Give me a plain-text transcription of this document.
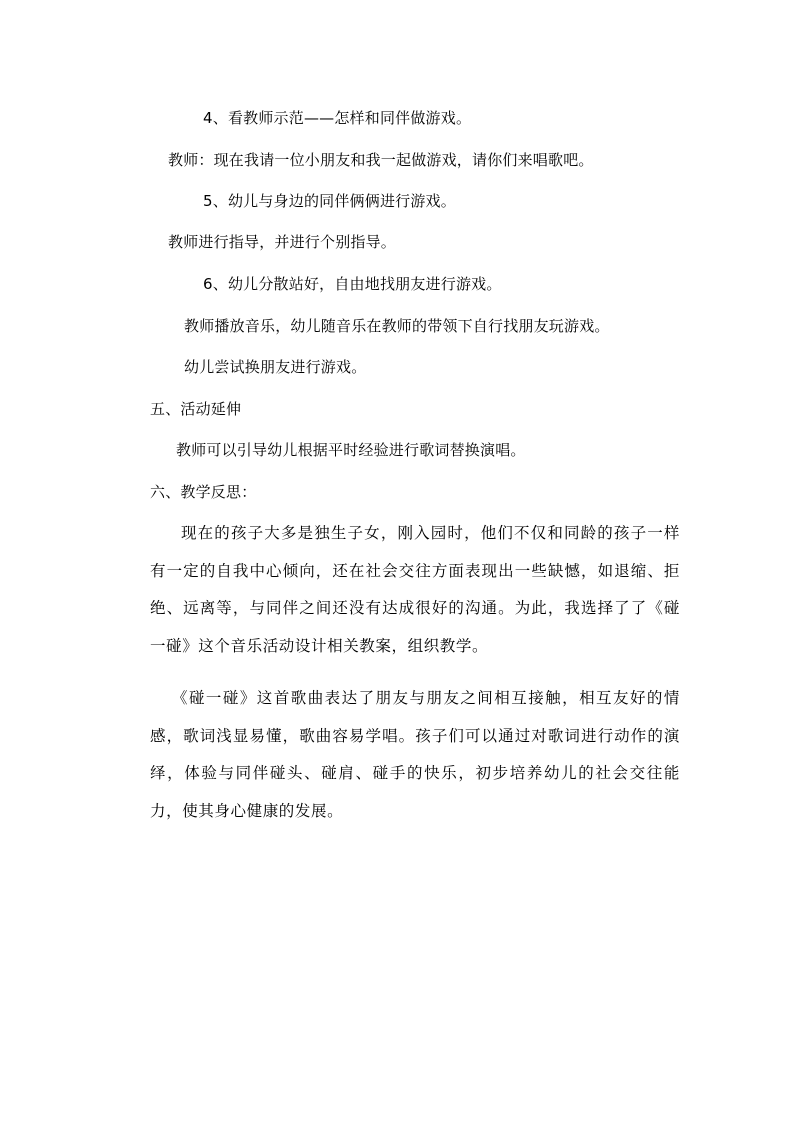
4、看教师示范——怎样和同伴做游戏。
教师：现在我请一位小朋友和我一起做游戏，请你们来唱歌吧。
5、幼儿与身边的同伴俩俩进行游戏。
教师进行指导，并进行个别指导。
6、幼儿分散站好，自由地找朋友进行游戏。
教师播放音乐，幼儿随音乐在教师的带领下自行找朋友玩游戏。
幼儿尝试换朋友进行游戏。
五、活动延伸
教师可以引导幼儿根据平时经验进行歌词替换演唱。
六、教学反思：
现在的孩子大多是独生子女，刚入园时，他们不仅和同龄的孩子一样有一定的自我中心倾向，还在社会交往方面表现出一些缺憾，如退缩、拒绝、远离等，与同伴之间还没有达成很好的沟通。为此，我选择了了《碰一碰》这个音乐活动设计相关教案，组织教学。
《碰一碰》这首歌曲表达了朋友与朋友之间相互接触，相互友好的情感，歌词浅显易懂，歌曲容易学唱。孩子们可以通过对歌词进行动作的演绎，体验与同伴碰头、碰肩、碰手的快乐，初步培养幼儿的社会交往能力，使其身心健康的发展。
